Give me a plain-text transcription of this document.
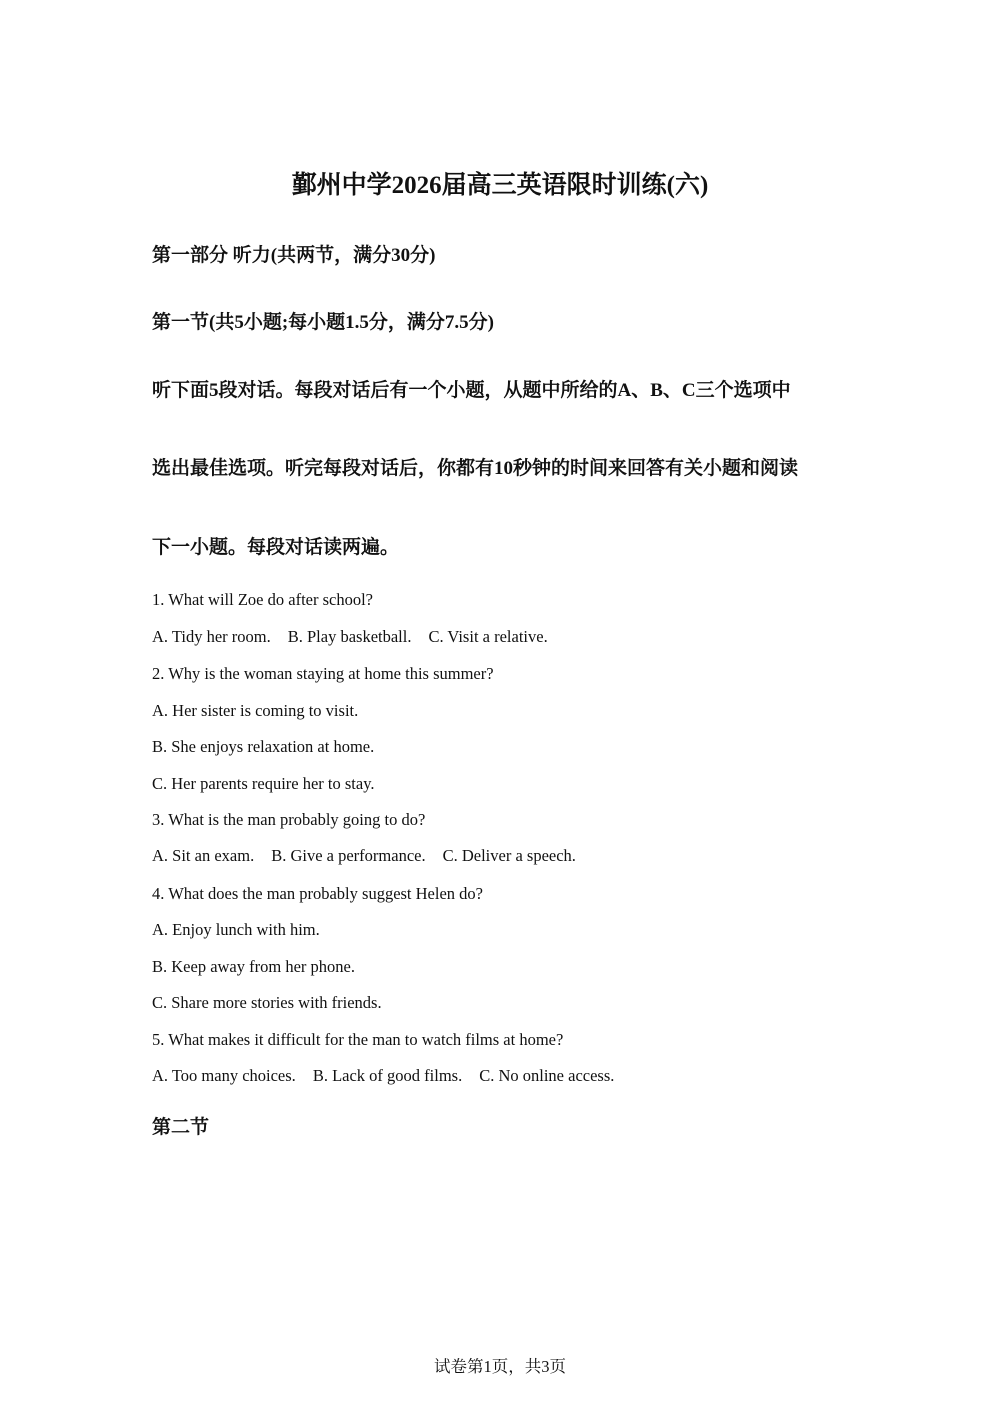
鄞州中学2026届高三英语限时训练(六)
第一部分 听力(共两节，满分30分)
第一节(共5小题;每小题1.5分，满分7.5分)
听下面5段对话。每段对话后有一个小题，从题中所给的A、B、C三个选项中
选出最佳选项。听完每段对话后，你都有10秒钟的时间来回答有关小题和阅读
下一小题。每段对话读两遍。
1. What will Zoe do after school?
A. Tidy her room. B. Play basketball. C. Visit a relative.
2. Why is the woman staying at home this summer?
A. Her sister is coming to visit.
B. She enjoys relaxation at home.
C. Her parents require her to stay.
3. What is the man probably going to do?
A. Sit an exam. B. Give a performance. C. Deliver a speech.
4. What does the man probably suggest Helen do?
A. Enjoy lunch with him.
B. Keep away from her phone.
C. Share more stories with friends.
5. What makes it difficult for the man to watch films at home?
A. Too many choices. B. Lack of good films. C. No online access.
第二节
试卷第1页，共3页
